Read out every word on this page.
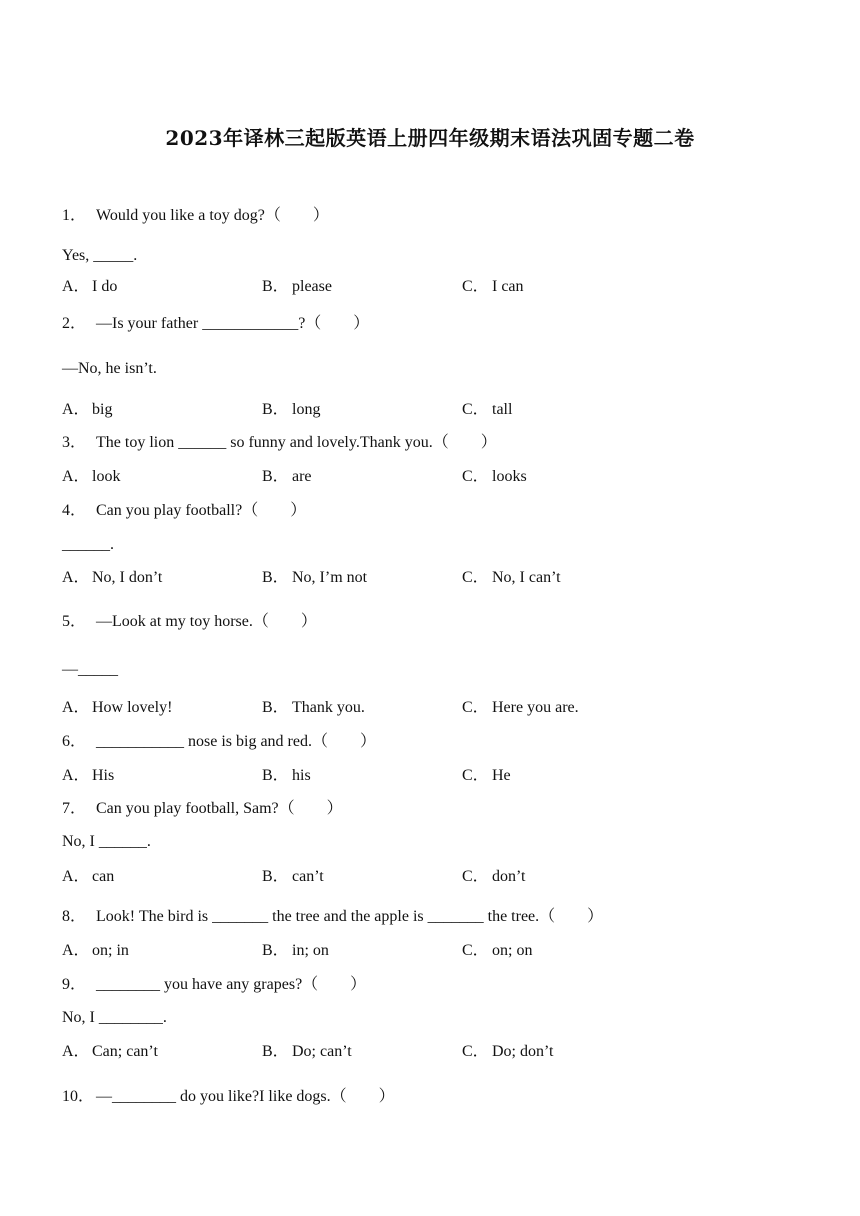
2023年译林三起版英语上册四年级期末语法巩固专题二卷
1． Would you like a toy dog?（　　）
Yes, _____.
A． I do	B． please	C． I can
2． —Is your father ____________?（　　）
—No, he isn’t.
A． big	B． long	C． tall
3． The toy lion ______ so funny and lovely.Thank you.（　　）
A． look	B． are	C． looks
4． Can you play football?（　　）
______.
A． No, I don’t	B． No, I’m not	C． No, I can’t
5． —Look at my toy horse.（　　）
—_____
A． How lovely!	B． Thank you.	C． Here you are.
6． ___________ nose is big and red.（　　）
A． His	B． his	C． He
7． Can you play football, Sam?（　　）
No, I ______.
A． can	B． can’t	C． don’t
8． Look! The bird is _______ the tree and the apple is _______ the tree.（　　）
A． on; in	B． in; on	C． on; on
9． ________ you have any grapes?（　　）
No, I ________.
A． Can; can’t	B． Do; can’t	C． Do; don’t
10． —________ do you like?I like dogs.（　　）
